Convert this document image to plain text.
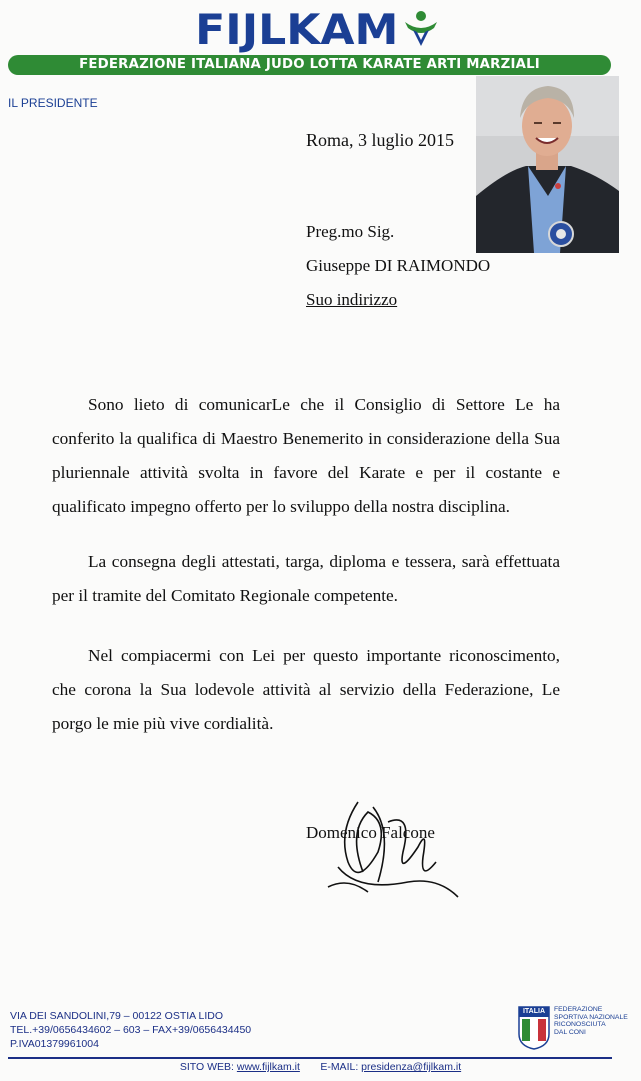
FIJLKAM
FEDERAZIONE ITALIANA JUDO LOTTA KARATE ARTI MARZIALI
IL PRESIDENTE
Roma, 3 luglio 2015
Preg.mo Sig.
Giuseppe DI RAIMONDO
Suo indirizzo
Sono lieto di comunicarLe che il Consiglio di Settore Le ha conferito la qualifica di Maestro Benemerito in considerazione della Sua pluriennale attività svolta in favore del Karate e per il costante e qualificato impegno offerto per lo sviluppo della nostra disciplina.
La consegna degli attestati, targa, diploma e tessera, sarà effettuata per il tramite del Comitato Regionale competente.
Nel compiacermi con Lei per questo importante riconoscimento, che corona la Sua lodevole attività al servizio della Federazione, Le porgo le mie più vive cordialità.
Domenico Falcone
VIA DEI SANDOLINI,79 – 00122 OSTIA LIDO
TEL.+39/0656434602 – 603 – FAX+39/0656434450
P.IVA01379961004
ITALIA	FEDERAZIONE
SPORTIVA NAZIONALE
RICONOSCIUTA
DAL CONI
SITO WEB: www.fijlkam.it E-MAIL: presidenza@fijlkam.it
